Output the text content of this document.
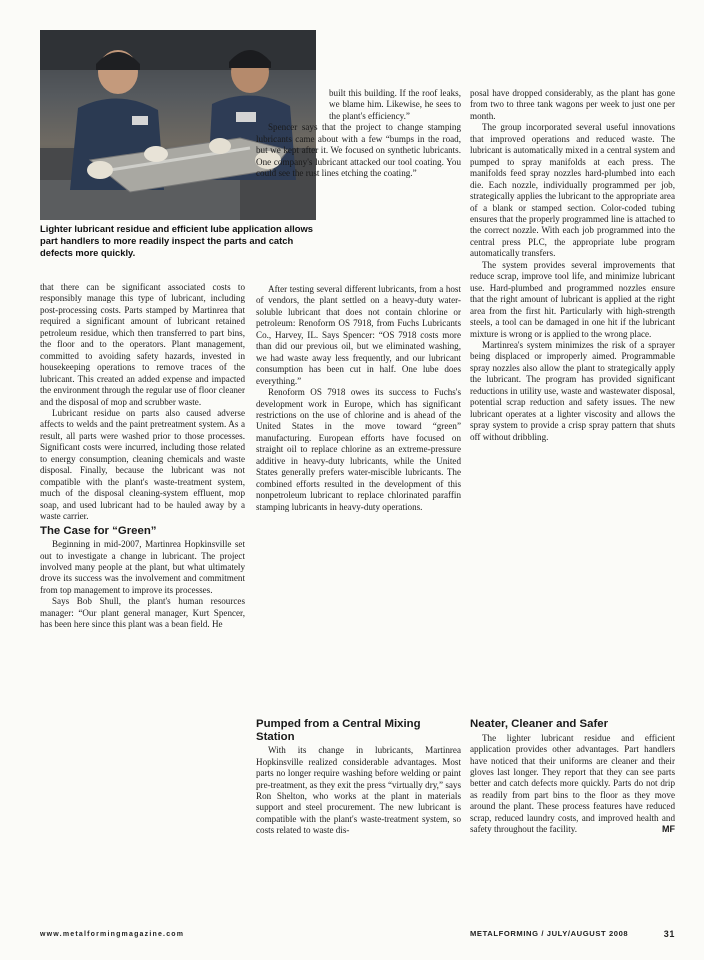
Lighter lubricant residue and efficient lube application allows part handlers to more readily inspect the parts and catch defects more quickly.

that there can be significant associated costs to responsibly manage this type of lubricant, including post-processing costs. Parts stamped by Martinrea that required a significant amount of lubricant retained petroleum residue, which then transferred to part bins, the floor and to the operators. Plant management, committed to avoiding safety hazards, invested in housekeeping operations to remove traces of the lubricant. This created an added expense and impacted the environment through the regular use of floor cleaner and the disposal of mop and scrubber waste.

Lubricant residue on parts also caused adverse affects to welds and the paint pretreatment system. As a result, all parts were washed prior to those processes. Significant costs were incurred, including those related to energy consumption, cleaning chemicals and waste disposal. Finally, because the lubricant was not compatible with the plant's waste-treatment system, much of the disposal cleaning-system effluent, mop soap, and used lubricant had to be hauled away by a waste carrier.

The Case for “Green”

Beginning in mid-2007, Martinrea Hopkinsville set out to investigate a change in lubricant. The project involved many people at the plant, but what ultimately drove its success was the involvement and commitment from top management to improve its processes.

Says Bob Shull, the plant's human resources manager: “Our plant general manager, Kurt Spencer, has been here since this plant was a bean field. He

built this building. If the roof leaks, we blame him. Likewise, he sees to the plant's efficiency.”

Spencer says that the project to change stamping lubricants came about with a few “bumps in the road, but we kept after it. We focused on synthetic lubricants. One company's lubricant attacked our tool coating. You could see the rust lines etching the coating.”

After testing several different lubricants, from a host of vendors, the plant settled on a heavy-duty water-soluble lubricant that does not contain chlorine or petroleum: Renoform OS 7918, from Fuchs Lubricants Co., Harvey, IL. Says Spencer: “OS 7918 costs more than did our previous oil, but we eliminated washing, we had waste away less frequently, and our lubricant consumption has been cut in half. One lube does everything.”

Renoform OS 7918 owes its success to Fuchs's development work in Europe, which has significant restrictions on the use of chlorine and is ahead of the United States in the move toward “green” manufacturing. European efforts have focused on straight oil to replace chlorine as an extreme-pressure additive in heavy-duty lubricants, while the United States generally prefers water-miscible lubricants. The combined efforts resulted in the development of this nonpetroleum lubricant to replace chlorinated paraffin stamping lubricants in heavy-duty operations.

Pumped from a Central Mixing Station

With its change in lubricants, Martinrea Hopkinsville realized considerable advantages. Most parts no longer require washing before welding or paint pre-treatment, as they exit the press “virtually dry,” says Ron Shelton, who works at the plant in materials support and steel procurement. The new lubricant is compatible with the plant's waste-treatment system, so costs related to waste dis-

posal have dropped considerably, as the plant has gone from two to three tank wagons per week to just one per month.

The group incorporated several useful innovations that improved operations and reduced waste. The lubricant is automatically mixed in a central system and pumped to spray manifolds at each press. The manifolds feed spray nozzles hard-plumbed into each die. Each nozzle, individually programmed per job, strategically applies the lubricant to the appropriate area of a blank or stamped section. Color-coded tubing ensures that the properly programmed line is attached to the correct nozzle. With each job programmed into the central press PLC, the appropriate lube program automatically transfers.

The system provides several improvements that reduce scrap, improve tool life, and minimize lubricant use. Hard-plumbed and programmed nozzles ensure that the right amount of lubricant is applied at the right area from the first hit. Particularly with high-strength steels, a tool can be damaged in one hit if the lubricant mixture is wrong or is applied to the wrong place.

Martinrea's system minimizes the risk of a sprayer being displaced or improperly aimed. Programmable spray nozzles also allow the plant to strategically apply the lubricant. The program has provided significant reductions in utility use, waste and wastewater disposal, potential scrap reduction and safety issues. The new lubricant operates at a lighter viscosity and allows the spray system to provide a crisp spray pattern that shuts off without dribbling.

Neater, Cleaner and Safer

The lighter lubricant residue and efficient application provides other advantages. Part handlers have noticed that their uniforms are cleaner and their gloves last longer. They report that they can see parts better and catch defects more quickly. Parts do not drip as readily from part bins to the floor as they move around the plant. These process features have reduced scrap, reduced laundry costs, and improved health and safety throughout the facility.	MF

www.metalformingmagazine.com	METALFORMING / JULY/AUGUST 2008	31
